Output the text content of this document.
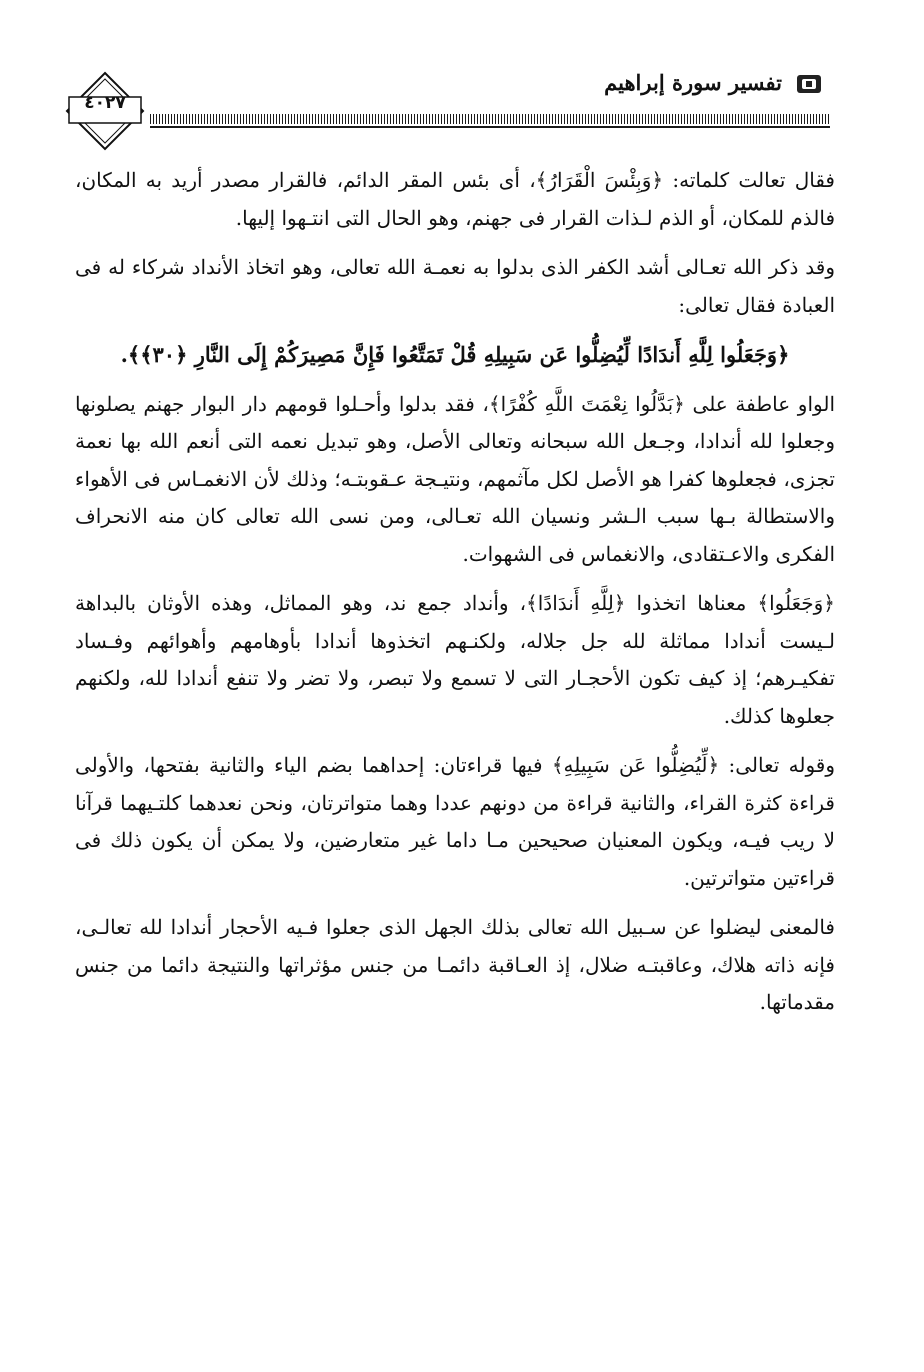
٤٠٢٧
تفسير سورة إبراهيم

فقال تعالت كلماته: ﴿وَبِئْسَ الْقَرَارُ﴾، أى بئس المقر الدائم، فالقرار مصدر أريد به المكان، فالذم للمكان، أو الذم لـذات القرار فى جهنم، وهو الحال التى انتـهوا إليها.

وقد ذكر الله تعـالى أشد الكفر الذى بدلوا به نعمـة الله تعالى، وهو اتخاذ الأنداد شركاء له فى العبادة فقال تعالى:

﴿وَجَعَلُوا لِلَّهِ أَندَادًا لِّيُضِلُّوا عَن سَبِيلِهِ قُلْ تَمَتَّعُوا فَإِنَّ مَصِيرَكُمْ إِلَى النَّارِ ﴿٣٠﴾﴾.

الواو عاطفة على ﴿بَدَّلُوا نِعْمَتَ اللَّهِ كُفْرًا﴾، فقد بدلوا وأحـلوا قومهم دار البوار جهنم يصلونها وجعلوا لله أندادا، وجـعل الله سبحانه وتعالى الأصل، وهو تبديل نعمه التى أنعم الله بها نعمة تجزى، فجعلوها كفرا هو الأصل لكل مآثمهم، ونتيـجة عـقوبتـه؛ وذلك لأن الانغمـاس فى الأهواء والاستطالة بـها سبب الـشر ونسيان الله تعـالى، ومن نسى الله تعالى كان منه الانحراف الفكرى والاعـتقادى، والانغماس فى الشهوات.

﴿وَجَعَلُوا﴾ معناها اتخذوا ﴿لِلَّهِ أَندَادًا﴾، وأنداد جمع ند، وهو المماثل، وهذه الأوثان بالبداهة لـيست أندادا مماثلة لله جل جلاله، ولكنـهم اتخذوها أندادا بأوهامهم وأهوائهم وفـساد تفكيـرهم؛ إذ كيف تكون الأحجـار التى لا تسمع ولا تبصر، ولا تضر ولا تنفع أندادا لله، ولكنهم جعلوها كذلك.

وقوله تعالى: ﴿لِّيُضِلُّوا عَن سَبِيلِهِ﴾ فيها قراءتان: إحداهما بضم الياء والثانية بفتحها، والأولى قراءة كثرة القراء، والثانية قراءة من دونهم عددا وهما متواترتان، ونحن نعدهما كلتـيهما قرآنا لا ريب فيـه، ويكون المعنيان صحيحين مـا داما غير متعارضين، ولا يمكن أن يكون ذلك فى قراءتين متواترتين.

فالمعنى ليضلوا عن سـبيل الله تعالى بذلك الجهل الذى جعلوا فـيه الأحجار أندادا لله تعالـى، فإنه ذاته هلاك، وعاقبتـه ضلال، إذ العـاقبة دائمـا من جنس مؤثراتها والنتيجة دائما من جنس مقدماتها.
